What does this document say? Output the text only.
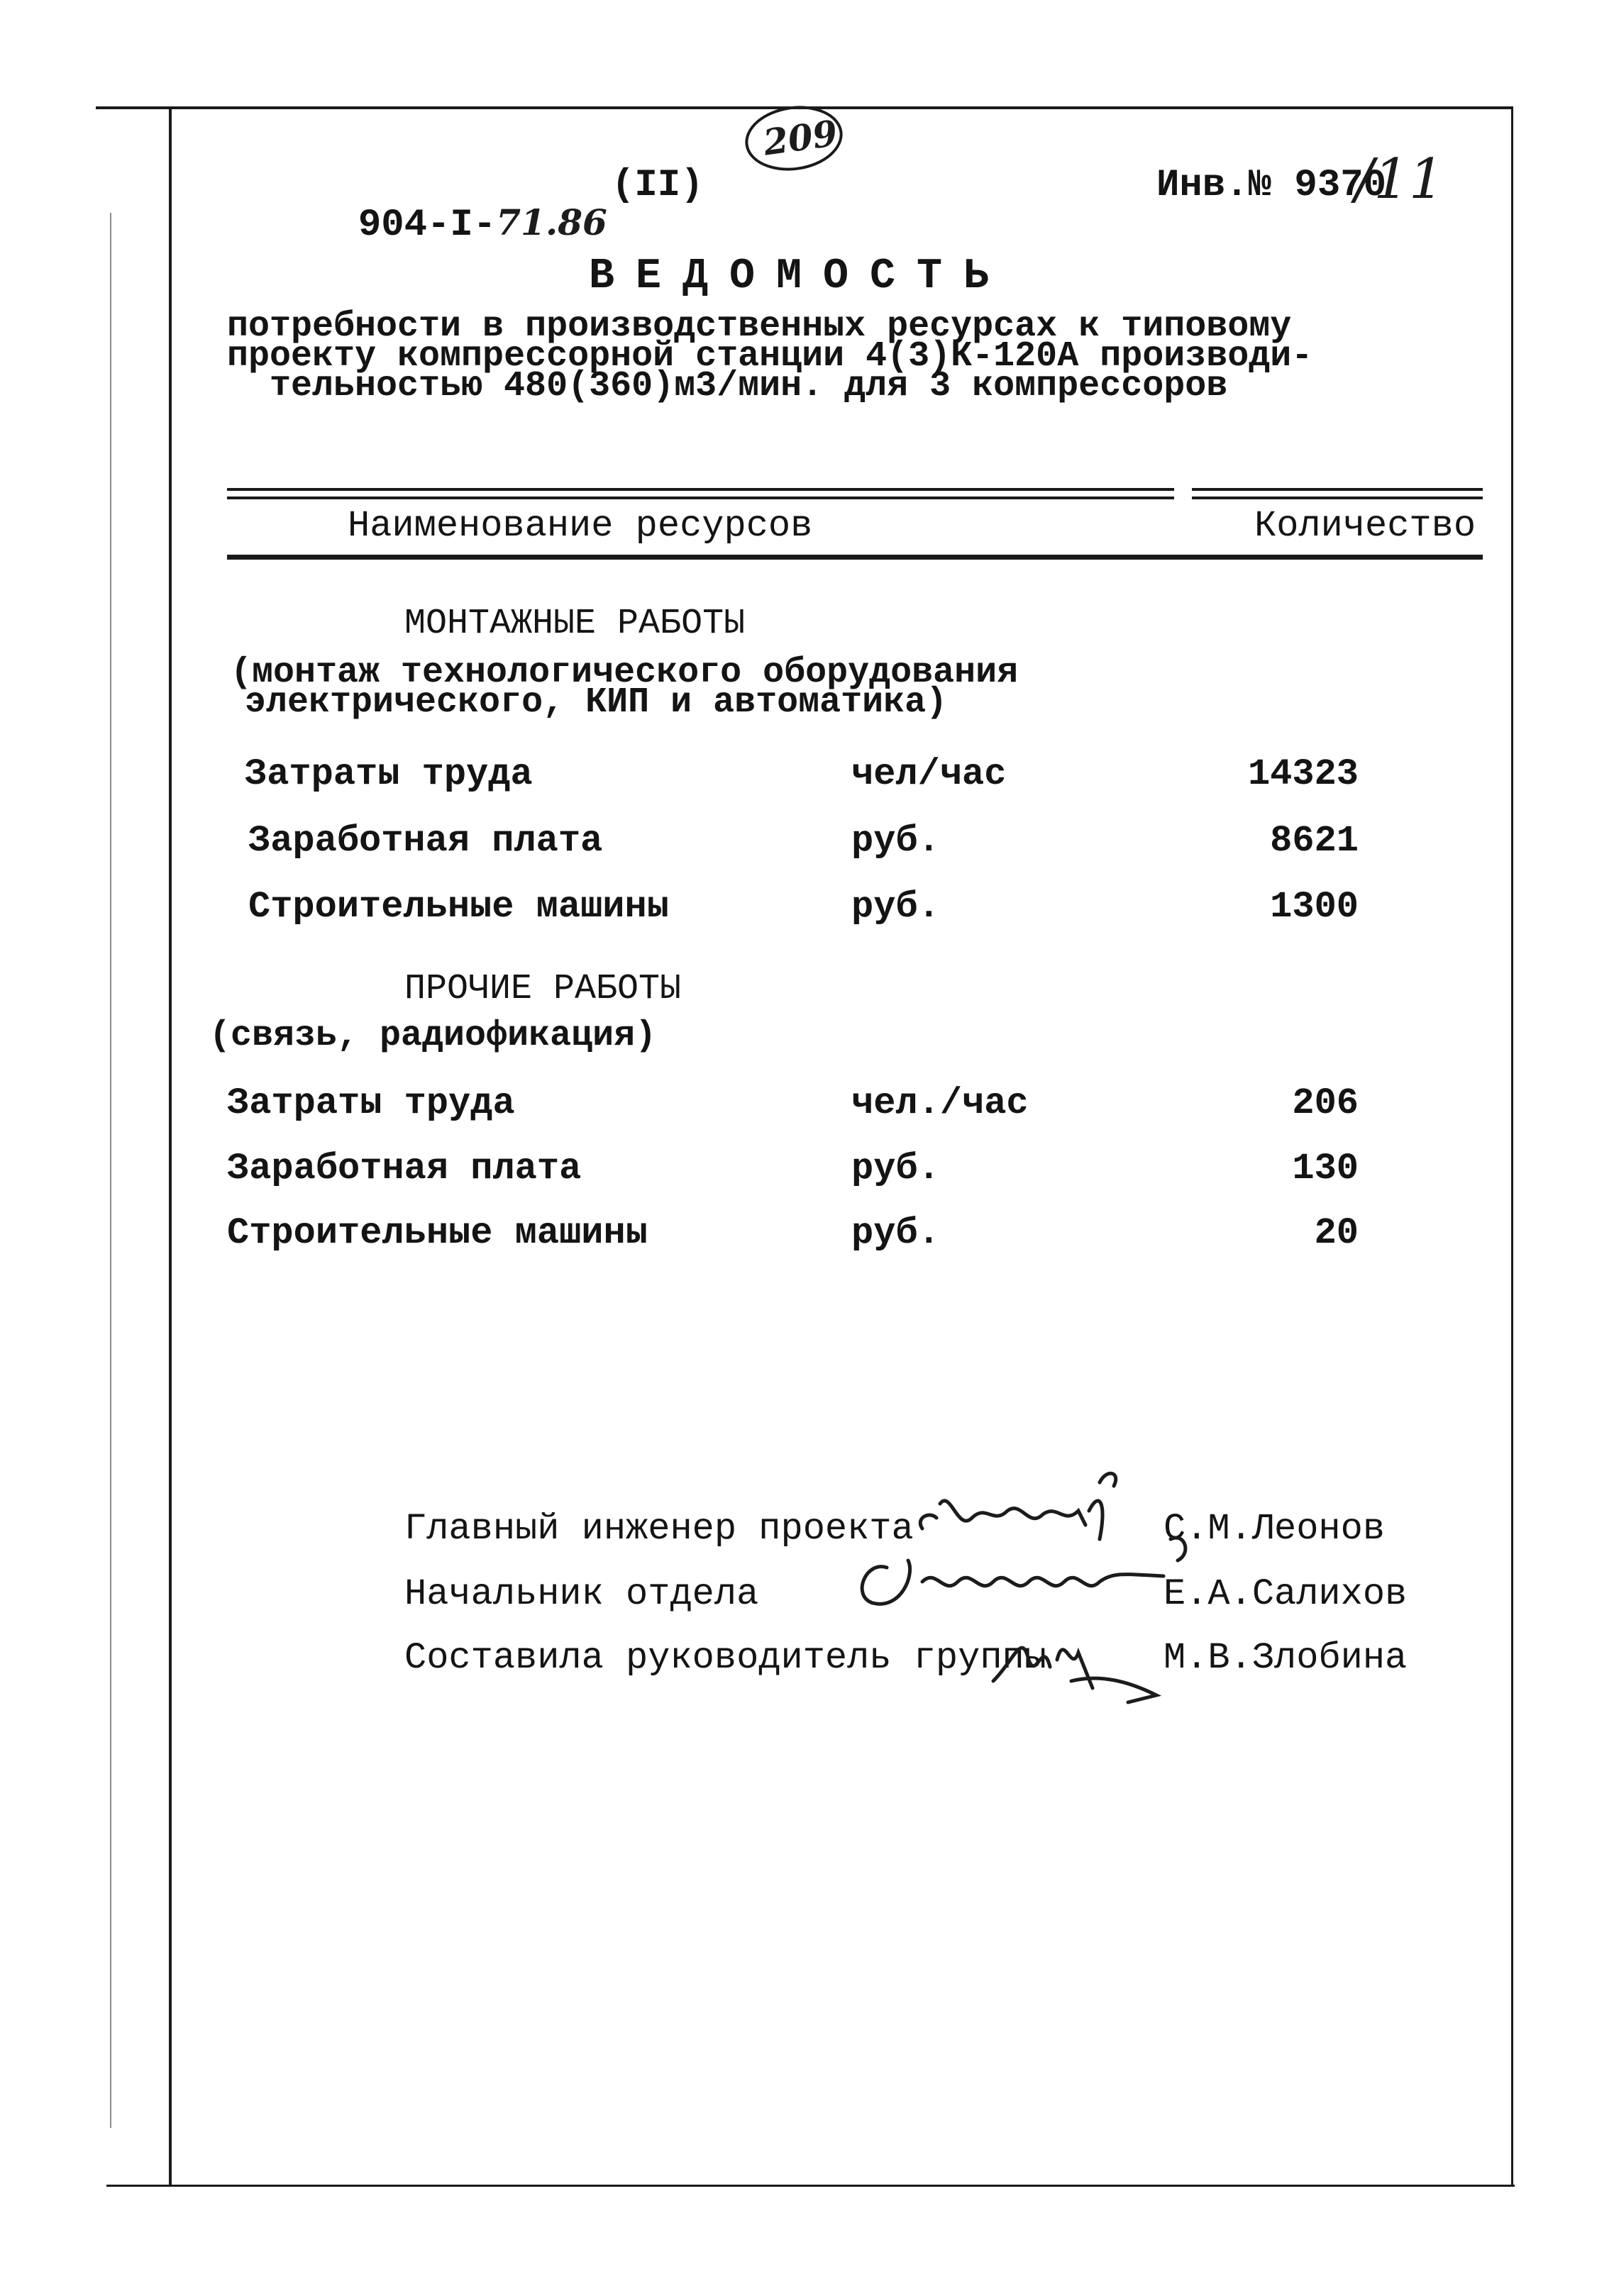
904-I-71.86

(II)
209
Инв.№ 9370
/11
ВЕДОМОСТЬ
потребности в производственных ресурсах к типовому
проекту компрессорной станции 4(3)К-120А производи-
тельностью 480(360)м3/мин. для 3 компрессоров
Наименование ресурсов	Количество
МОНТАЖНЫЕ РАБОТЫ
(монтаж технологического оборудования
электрического, КИП и автоматика)
Затраты труда	чел/час	14323
Заработная плата	руб.	8621
Строительные машины	руб.	1300
ПРОЧИЕ РАБОТЫ
(связь, радиофикация)
Затраты труда	чел./час	206
Заработная плата	руб.	130
Строительные машины	руб.	20
Главный инженер проекта	С.М.Леонов
Начальник отдела	Е.А.Салихов
Составила руководитель группы	М.В.Злобина
